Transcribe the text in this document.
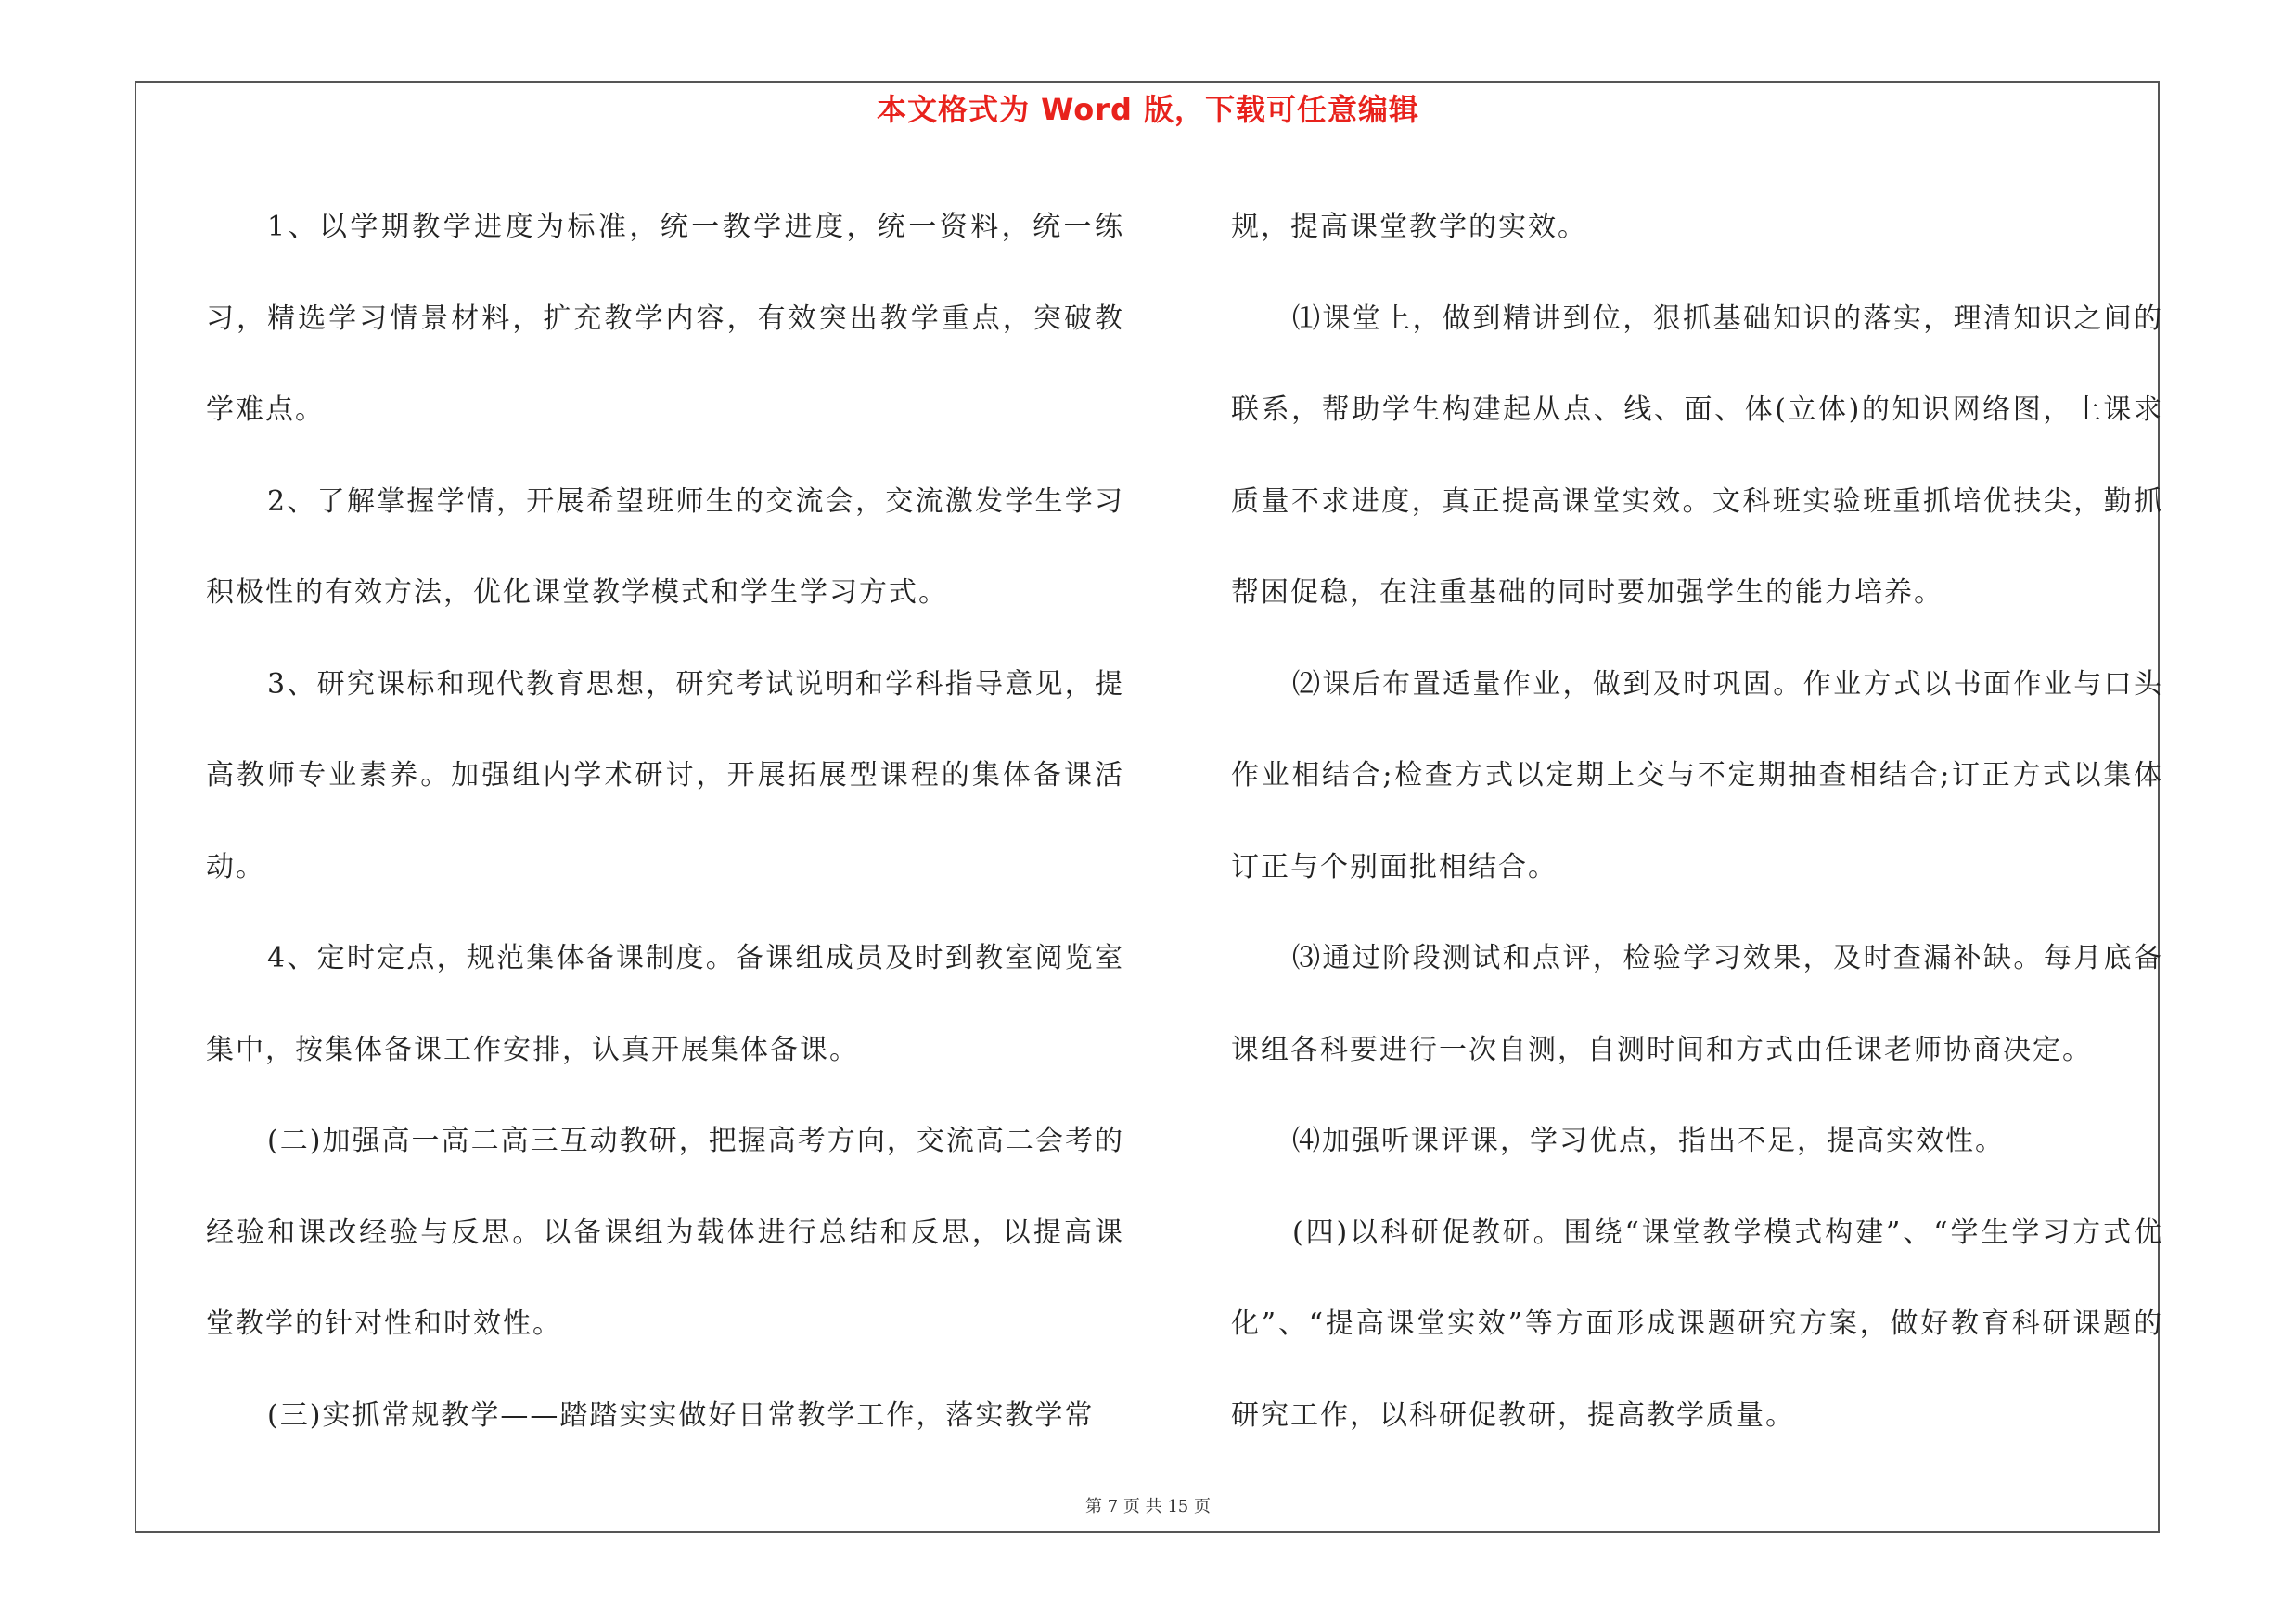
本文格式为 Word 版，下载可任意编辑

1、以学期教学进度为标准，统一教学进度，统一资料，统一练习，精选学习情景材料，扩充教学内容，有效突出教学重点，突破教学难点。

2、了解掌握学情，开展希望班师生的交流会，交流激发学生学习积极性的有效方法，优化课堂教学模式和学生学习方式。

3、研究课标和现代教育思想，研究考试说明和学科指导意见，提高教师专业素养。加强组内学术研讨，开展拓展型课程的集体备课活动。

4、定时定点，规范集体备课制度。备课组成员及时到教室阅览室集中，按集体备课工作安排，认真开展集体备课。

(二)加强高一高二高三互动教研，把握高考方向，交流高二会考的经验和课改经验与反思。以备课组为载体进行总结和反思，以提高课堂教学的针对性和时效性。

(三)实抓常规教学——踏踏实实做好日常教学工作，落实教学常

规，提高课堂教学的实效。

⑴课堂上，做到精讲到位，狠抓基础知识的落实，理清知识之间的联系，帮助学生构建起从点、线、面、体(立体)的知识网络图，上课求质量不求进度，真正提高课堂实效。文科班实验班重抓培优扶尖，勤抓帮困促稳，在注重基础的同时要加强学生的能力培养。

⑵课后布置适量作业，做到及时巩固。作业方式以书面作业与口头作业相结合;检查方式以定期上交与不定期抽查相结合;订正方式以集体订正与个别面批相结合。

⑶通过阶段测试和点评，检验学习效果，及时查漏补缺。每月底备课组各科要进行一次自测，自测时间和方式由任课老师协商决定。

⑷加强听课评课，学习优点，指出不足，提高实效性。

(四)以科研促教研。围绕“课堂教学模式构建”、“学生学习方式优化”、“提高课堂实效”等方面形成课题研究方案，做好教育科研课题的研究工作，以科研促教研，提高教学质量。

第 7 页 共 15 页
